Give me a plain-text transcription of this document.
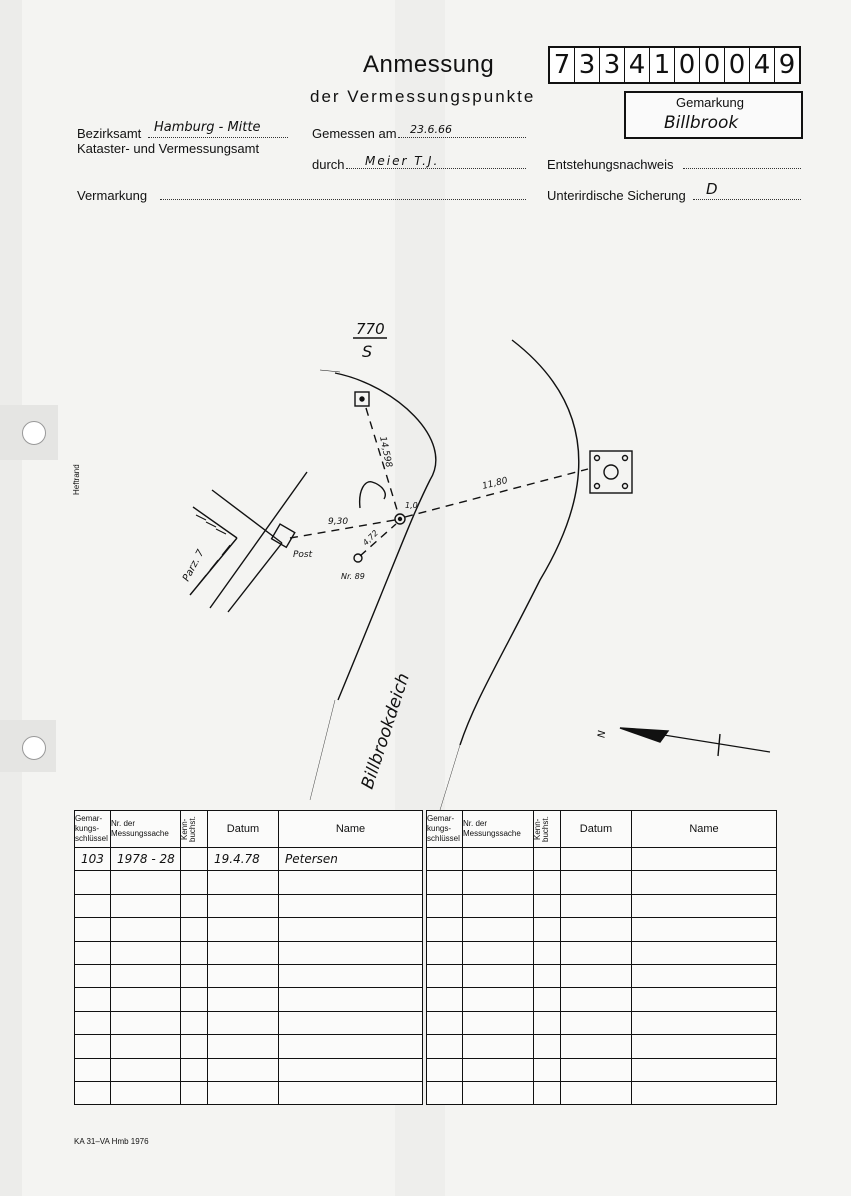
Heftrand
Anmessung
der Vermessungspunkte
7 3 3 4 1 0 0 0 4 9
Gemarkung
Billbrook
Bezirksamt Hamburg - Mitte
Kataster- und Vermessungsamt
Gemessen am 23.6.66
durch Meier T.J.	Entstehungsnachweis
Vermarkung	Unterirdische Sicherung D
770
S
14,598
11,80
9,30
4,72
1,0
Post
Nr. 89
Parz. 7
Billbrookdeich	N
Gemar-kungs-schlüssel	Nr. der Messungssache	Kenn-buchst.	Datum	Name
103	1978 - 28		19.4.78	Petersen

Gemar-kungs-schlüssel	Nr. der Messungssache	Kenn-buchst.	Datum	Name

KA 31–VA Hmb 1976
